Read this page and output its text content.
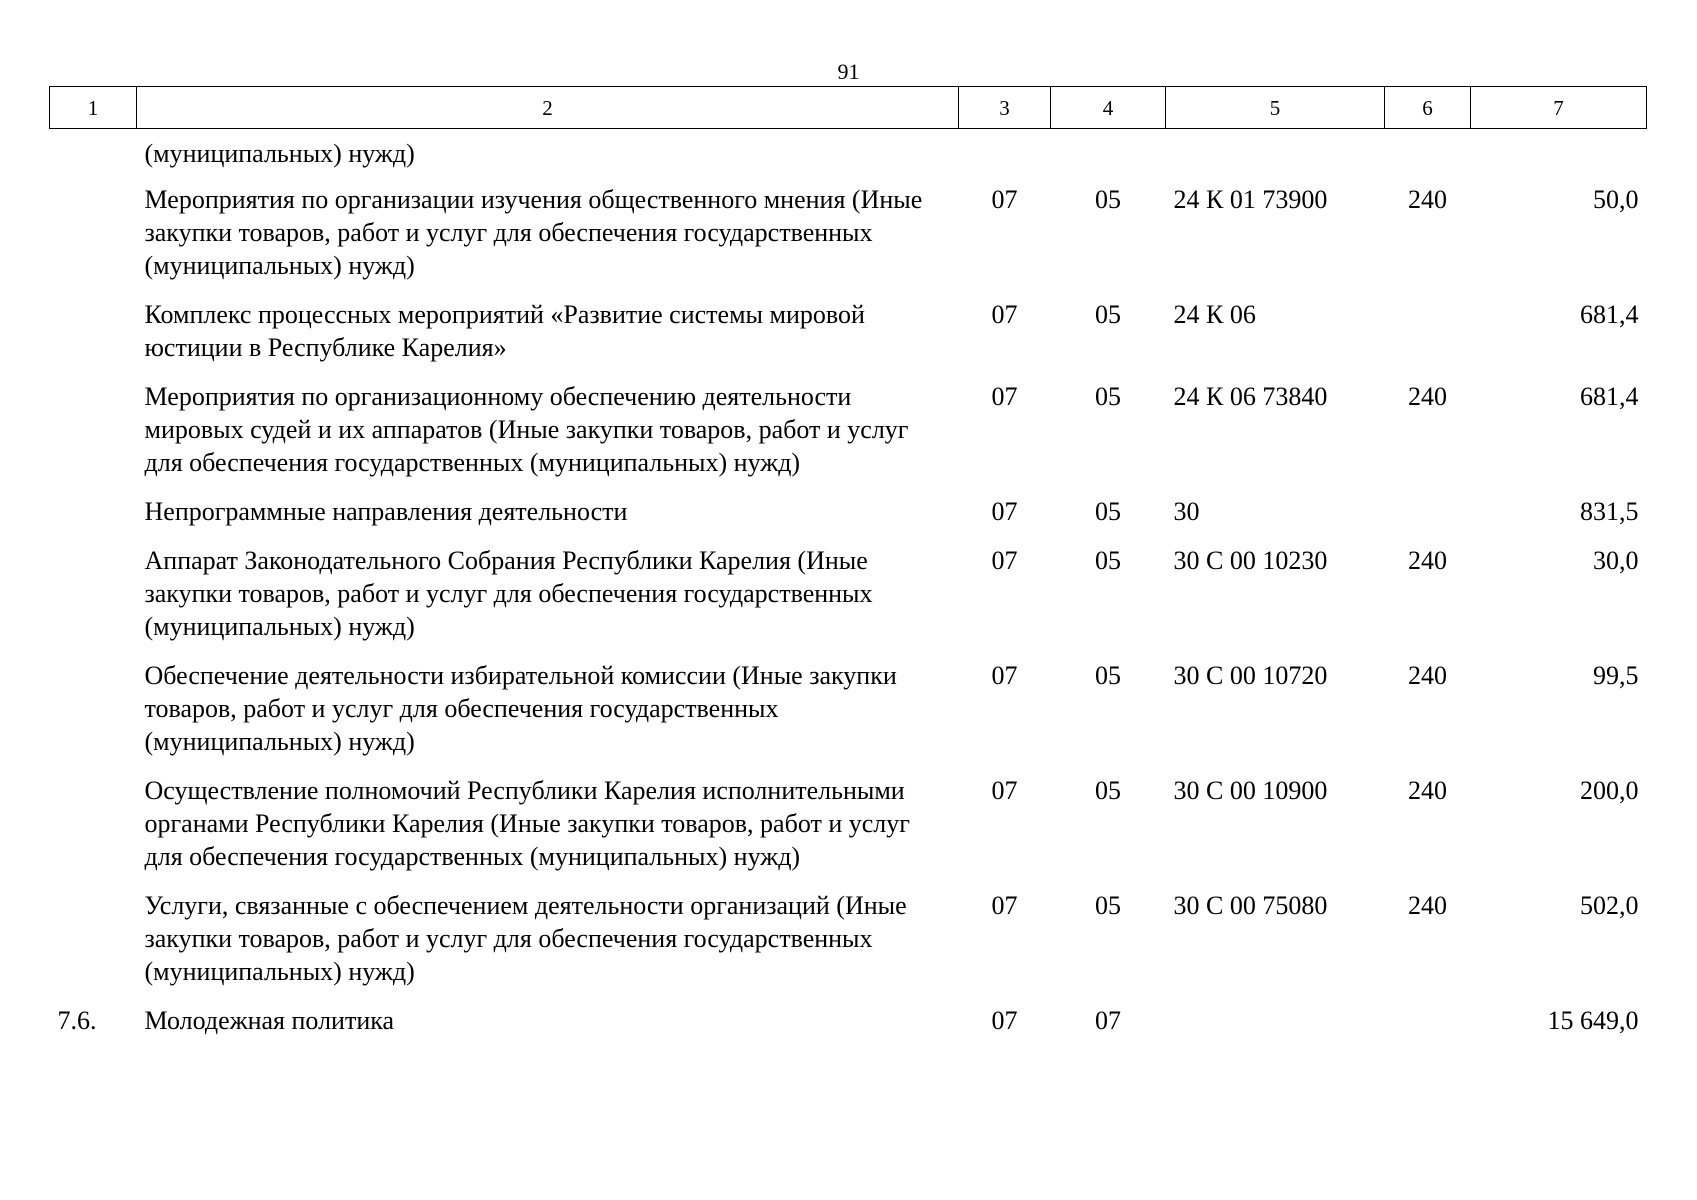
91
1	2	3	4	5	6	7
	(муниципальных) нужд)					
	Мероприятия по организации изучения общественного мнения (Иные закупки товаров, работ и услуг для обеспечения государственных (муниципальных) нужд)	07	05	24 К 01 73900	240	50,0
	Комплекс процессных мероприятий «Развитие системы мировой юстиции в Республике Карелия»	07	05	24 К 06		681,4
	Мероприятия по организационному обеспечению деятельности мировых судей и их аппаратов (Иные закупки товаров, работ и услуг для обеспечения государственных (муниципальных) нужд)	07	05	24 К 06 73840	240	681,4
	Непрограммные направления деятельности	07	05	30		831,5
	Аппарат Законодательного Собрания Республики Карелия (Иные закупки товаров, работ и услуг для обеспечения государственных (муниципальных) нужд)	07	05	30 С 00 10230	240	30,0
	Обеспечение деятельности избирательной комиссии (Иные закупки товаров, работ и услуг для обеспечения государственных (муниципальных) нужд)	07	05	30 С 00 10720	240	99,5
	Осуществление полномочий Республики Карелия исполнительными органами Республики Карелия (Иные закупки товаров, работ и услуг для обеспечения государственных (муниципальных) нужд)	07	05	30 С 00 10900	240	200,0
	Услуги, связанные с обеспечением деятельности организаций (Иные закупки товаров, работ и услуг для обеспечения государственных (муниципальных) нужд)	07	05	30 С 00 75080	240	502,0
7.6.	Молодежная политика	07	07			15 649,0
